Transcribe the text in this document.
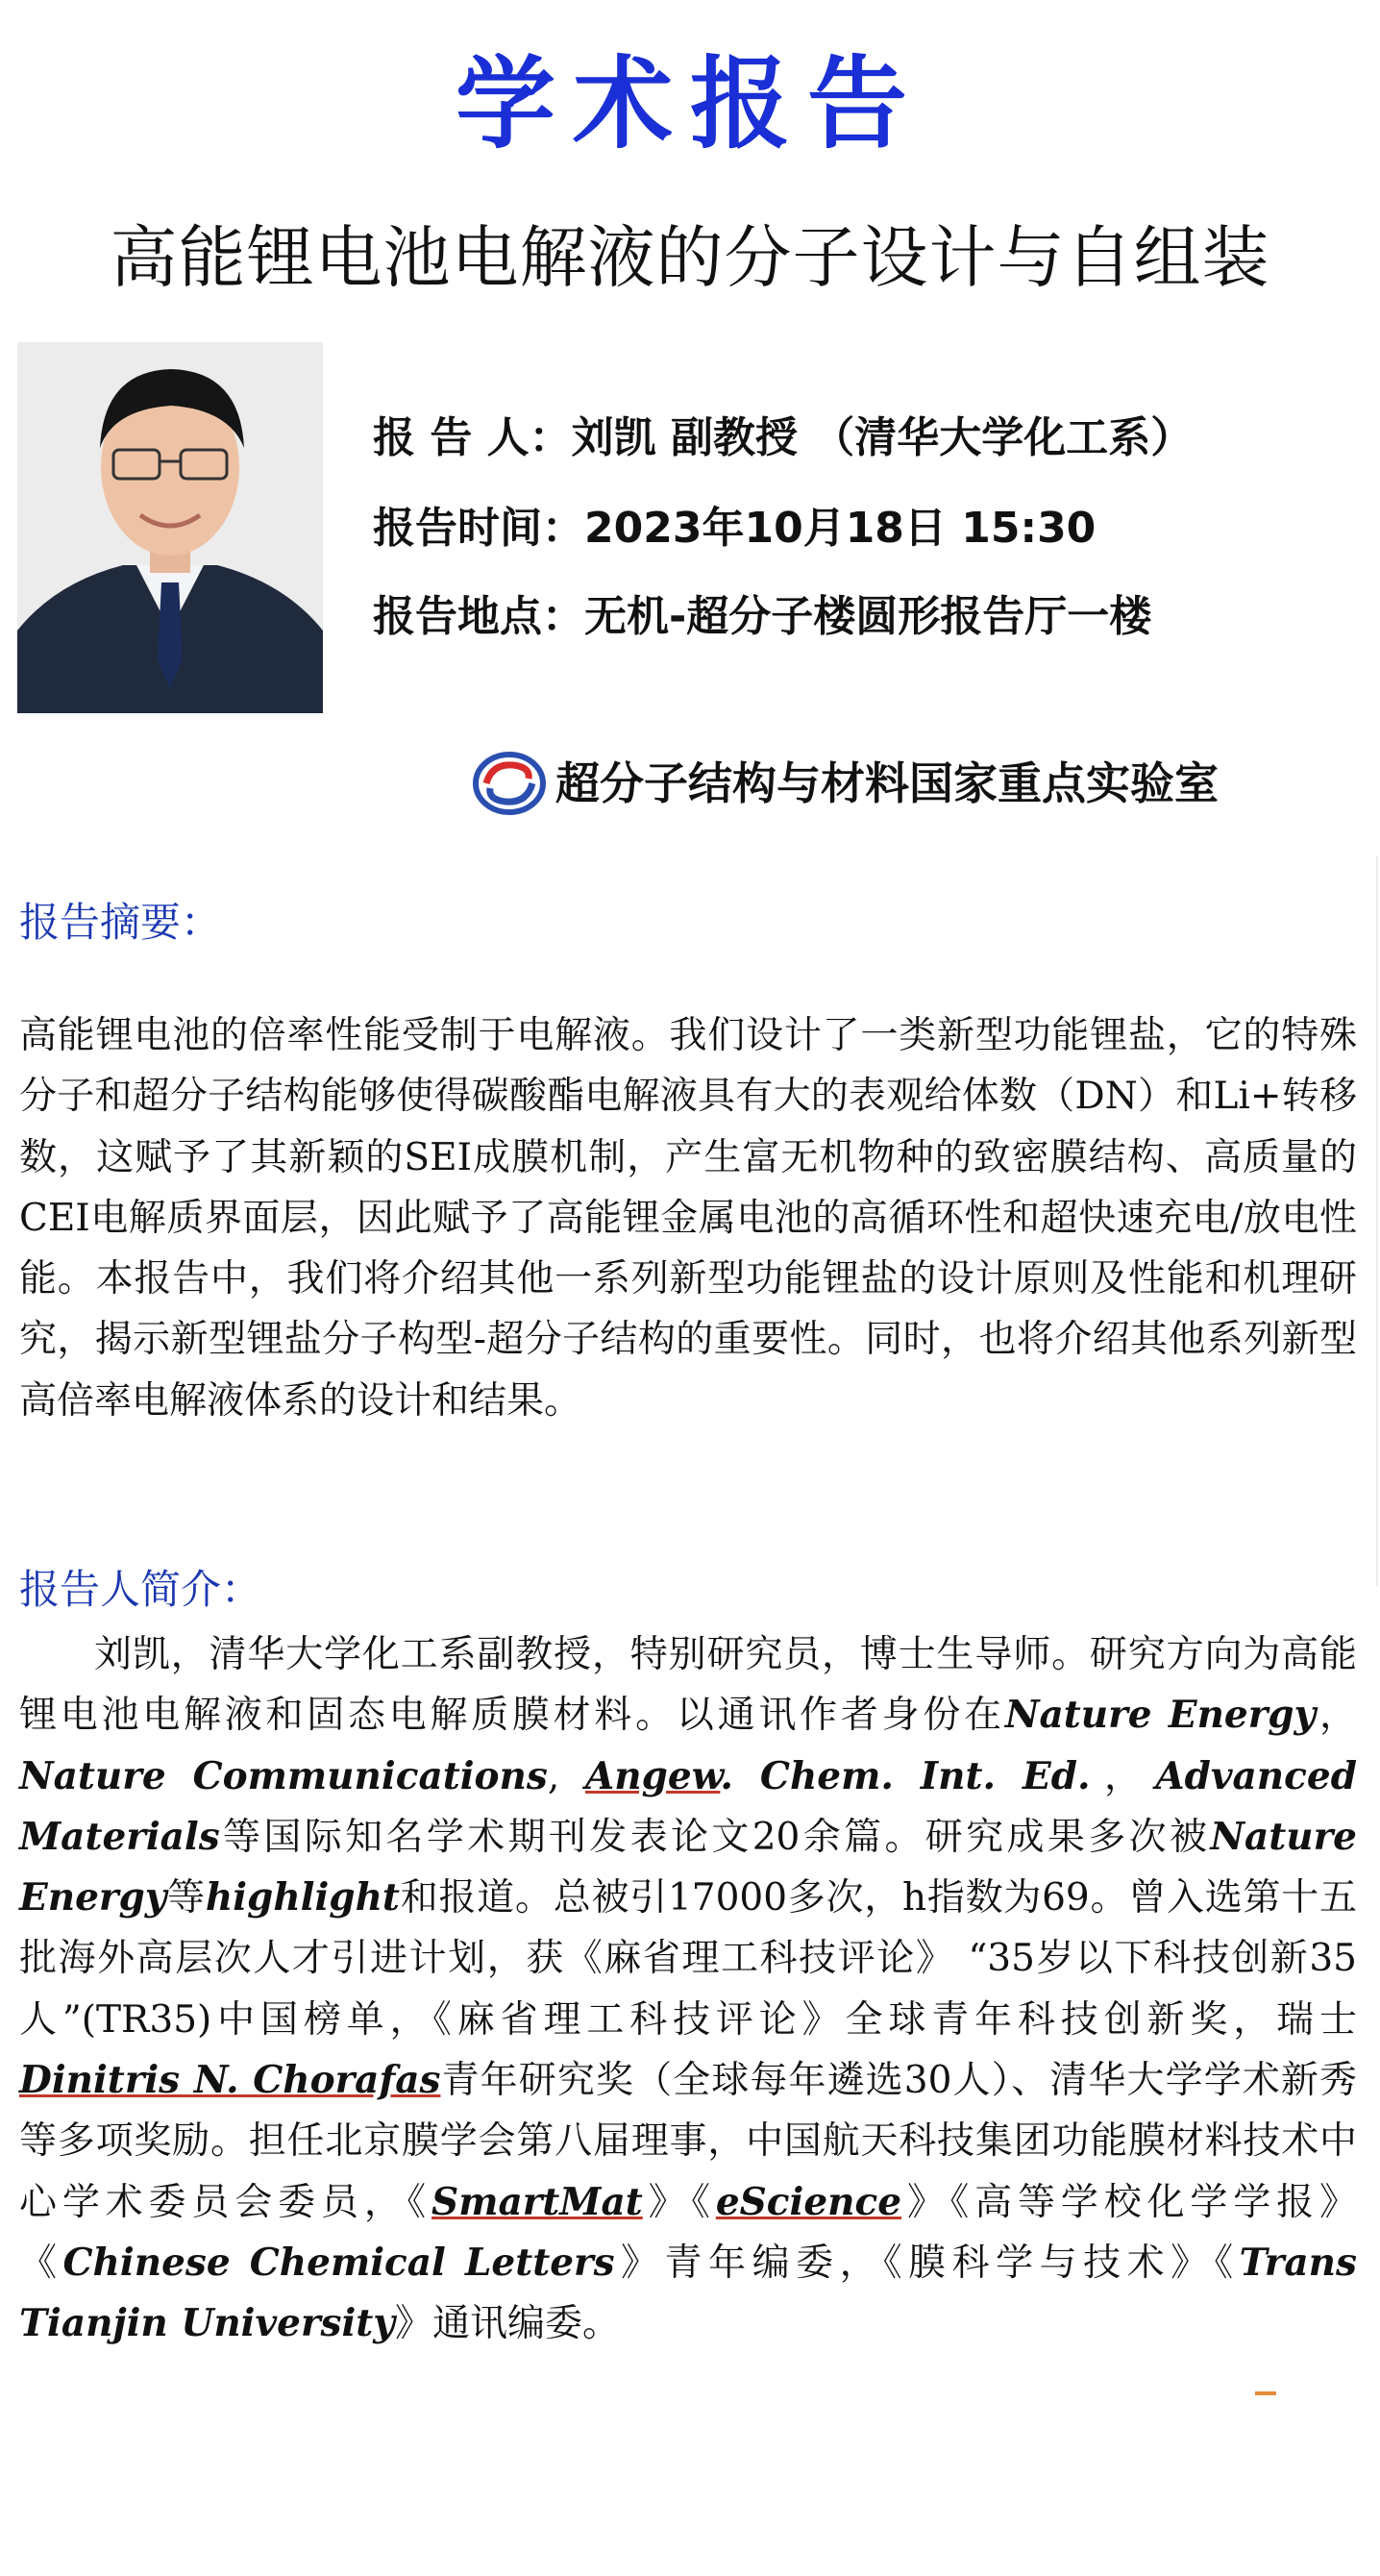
学术报告
高能锂电池电解液的分子设计与自组装
报 告 人：刘凯 副教授 （清华大学化工系）
报告时间：2023年10月18日 15:30
报告地点：无机-超分子楼圆形报告厅一楼
超分子结构与材料国家重点实验室
报告摘要：

高能锂电池的倍率性能受制于电解液。我们设计了一类新型功能锂盐，它的特殊分子和超分子结构能够使得碳酸酯电解液具有大的表观给体数（DN）和Li+转移数，这赋予了其新颖的SEI成膜机制，产生富无机物种的致密膜结构、高质量的CEI电解质界面层，因此赋予了高能锂金属电池的高循环性和超快速充电/放电性能。本报告中，我们将介绍其他一系列新型功能锂盐的设计原则及性能和机理研究，揭示新型锂盐分子构型-超分子结构的重要性。同时，也将介绍其他系列新型高倍率电解液体系的设计和结果。

报告人简介：

刘凯，清华大学化工系副教授，特别研究员，博士生导师。研究方向为高能锂电池电解液和固态电解质膜材料。以通讯作者身份在Nature Energy，Nature Communications, Angew. Chem. Int. Ed.，Advanced Materials等国际知名学术期刊发表论文20余篇。研究成果多次被Nature Energy等highlight和报道。总被引17000多次，h指数为69。曾入选第十五批海外高层次人才引进计划，获《麻省理工科技评论》 “35岁以下科技创新35人”(TR35)中国榜单，《麻省理工科技评论》全球青年科技创新奖，瑞士Dinitris N. Chorafas青年研究奖（全球每年遴选30人）、清华大学学术新秀等多项奖励。担任北京膜学会第八届理事，中国航天科技集团功能膜材料技术中心学术委员会委员，《SmartMat》《eScience》《高等学校化学学报》《Chinese Chemical Letters》青年编委，《膜科学与技术》《Trans Tianjin University》通讯编委。
